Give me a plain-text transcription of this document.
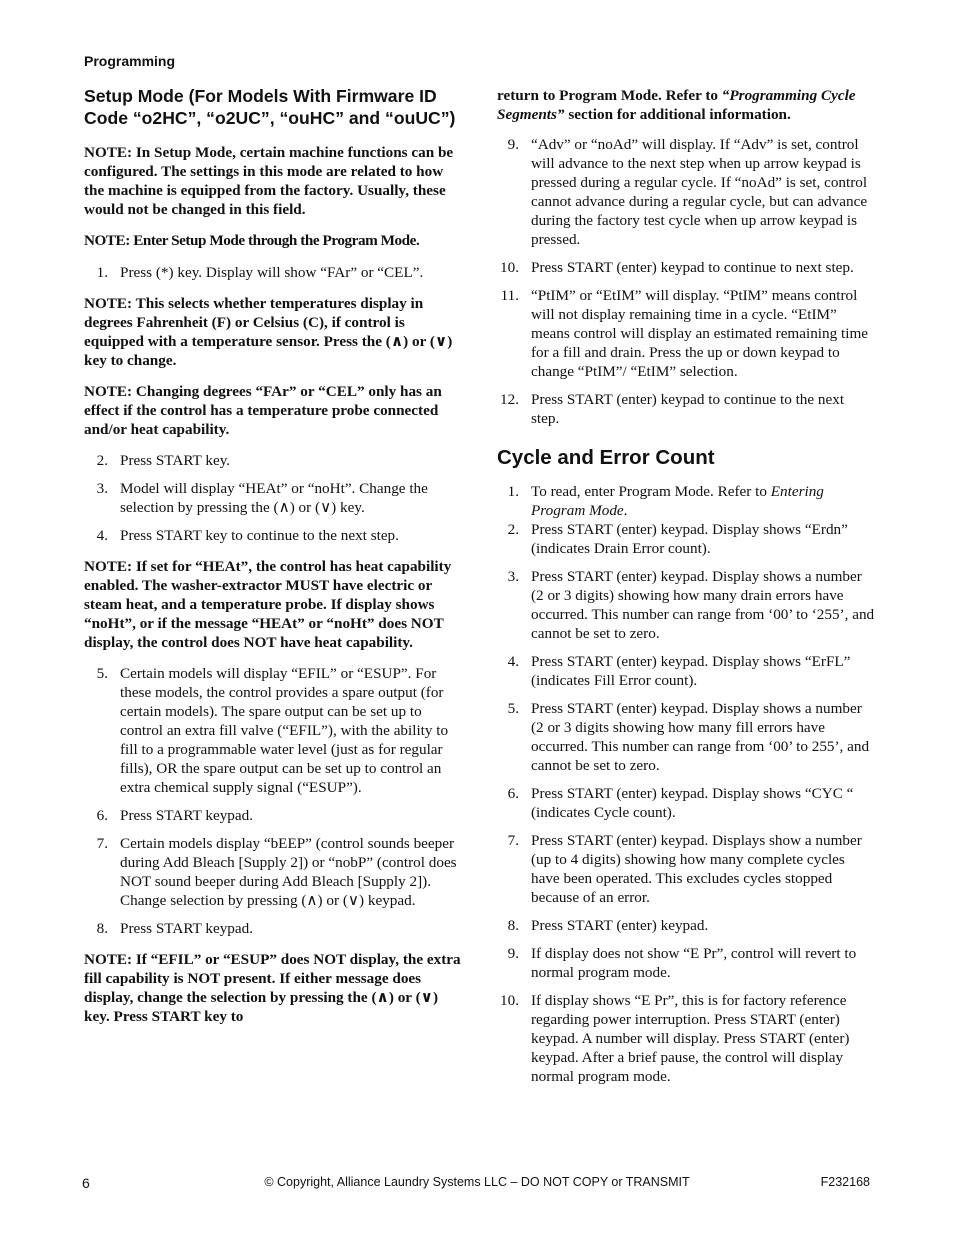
Programming
Setup Mode (For Models With Firmware ID Code “o2HC”, “o2UC”, “ouHC” and “ouUC”)

NOTE: In Setup Mode, certain machine functions can be configured. The settings in this mode are related to how the machine is equipped from the factory. Usually, these would not be changed in this field.

NOTE: Enter Setup Mode through the Program Mode.

1. Press (*) key. Display will show “FAr” or “CEL”.

NOTE: This selects whether temperatures display in degrees Fahrenheit (F) or Celsius (C), if control is equipped with a temperature sensor. Press the (∧) or (∨) key to change.

NOTE: Changing degrees “FAr” or “CEL” only has an effect if the control has a temperature probe connected and/or heat capability.

2. Press START key.
3. Model will display “HEAt” or “noHt”. Change the selection by pressing the (∧) or (∨) key.
4. Press START key to continue to the next step.

NOTE: If set for “HEAt”, the control has heat capability enabled. The washer-extractor MUST have electric or steam heat, and a temperature probe. If display shows “noHt”, or if the message “HEAt” or “noHt” does NOT display, the control does NOT have heat capability.

5. Certain models will display “EFIL” or “ESUP”. For these models, the control provides a spare output (for certain models). The spare output can be set up to control an extra fill valve (“EFIL”), with the ability to fill to a programmable water level (just as for regular fills), OR the spare output can be set up to control an extra chemical supply signal (“ESUP”).
6. Press START keypad.
7. Certain models display “bEEP” (control sounds beeper during Add Bleach [Supply 2]) or “nobP” (control does NOT sound beeper during Add Bleach [Supply 2]). Change selection by pressing (∧) or (∨) keypad.
8. Press START keypad.

NOTE: If “EFIL” or “ESUP” does NOT display, the extra fill capability is NOT present. If either message does display, change the selection by pressing the (∧) or (∨) key. Press START key to

return to Program Mode. Refer to “Programming Cycle Segments” section for additional information.

9. “Adv” or “noAd” will display. If “Adv” is set, control will advance to the next step when up arrow keypad is pressed during a regular cycle. If “noAd” is set, control cannot advance during a regular cycle, but can advance during the factory test cycle when up arrow keypad is pressed.
10. Press START (enter) keypad to continue to next step.
11. “PtIM” or “EtIM” will display. “PtIM” means control will not display remaining time in a cycle. “EtIM” means control will display an estimated remaining time for a fill and drain. Press the up or down keypad to change “PtIM”/ “EtIM” selection.
12. Press START (enter) keypad to continue to the next step.
Cycle and Error Count
1. To read, enter Program Mode. Refer to Entering Program Mode.
2. Press START (enter) keypad. Display shows “Erdn” (indicates Drain Error count).
3. Press START (enter) keypad. Display shows a number (2 or 3 digits) showing how many drain errors have occurred. This number can range from ‘00’ to ‘255’, and cannot be set to zero.
4. Press START (enter) keypad. Display shows “ErFL” (indicates Fill Error count).
5. Press START (enter) keypad. Display shows a number (2 or 3 digits showing how many fill errors have occurred. This number can range from ‘00’ to 255’, and cannot be set to zero.
6. Press START (enter) keypad. Display shows “CYC “ (indicates Cycle count).
7. Press START (enter) keypad. Displays show a number (up to 4 digits) showing how many complete cycles have been operated. This excludes cycles stopped because of an error.
8. Press START (enter) keypad.
9. If display does not show “E Pr”, control will revert to normal program mode.
10. If display shows “E Pr”, this is for factory reference regarding power interruption. Press START (enter) keypad. A number will display. Press START (enter) keypad. After a brief pause, the control will display normal program mode.
6	© Copyright, Alliance Laundry Systems LLC – DO NOT COPY or TRANSMIT	F232168
